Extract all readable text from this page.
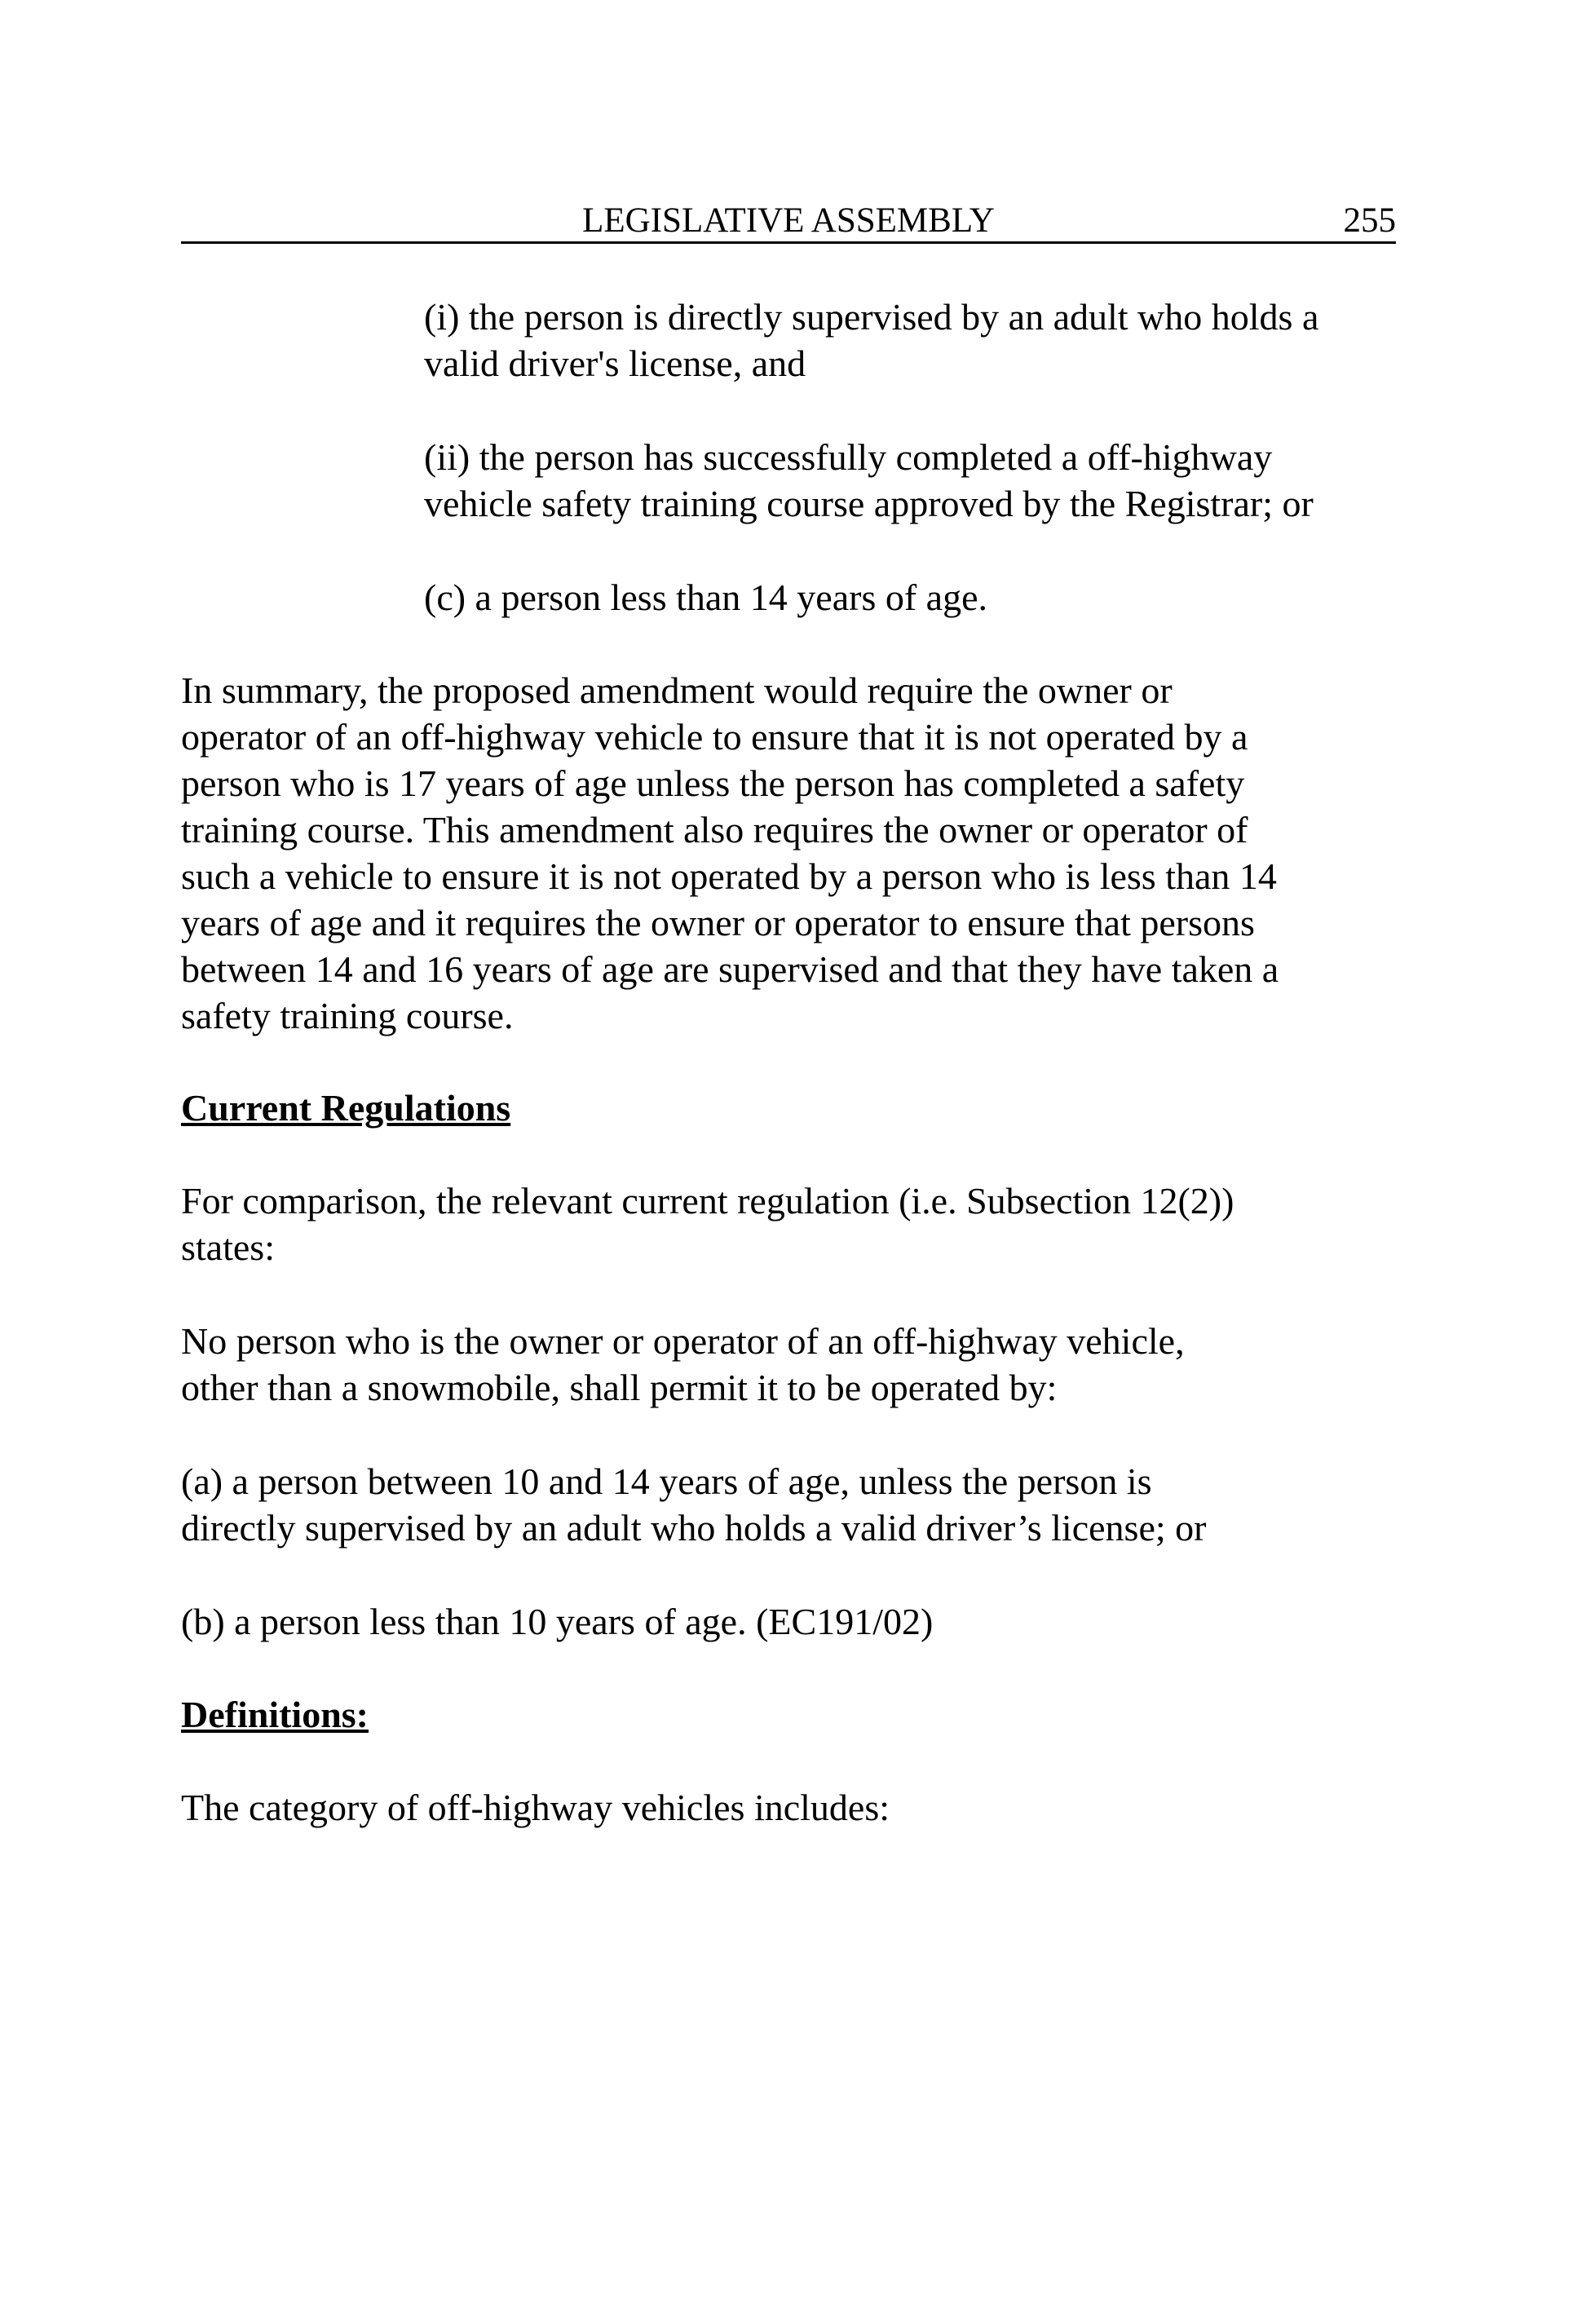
LEGISLATIVE ASSEMBLY	255
(i) the person is directly supervised by an adult who holds a
valid driver's license, and
(ii) the person has successfully completed a off-highway
vehicle safety training course approved by the Registrar; or
(c) a person less than 14 years of age.
In summary, the proposed amendment would require the owner or
operator of an off-highway vehicle to ensure that it is not operated by a
person who is 17 years of age unless the person has completed a safety
training course. This amendment also requires the owner or operator of
such a vehicle to ensure it is not operated by a person who is less than 14
years of age and it requires the owner or operator to ensure that persons
between 14 and 16 years of age are supervised and that they have taken a
safety training course.
Current Regulations
For comparison, the relevant current regulation (i.e. Subsection 12(2))
states:
No person who is the owner or operator of an off-highway vehicle,
other than a snowmobile, shall permit it to be operated by:
(a) a person between 10 and 14 years of age, unless the person is
directly supervised by an adult who holds a valid driver’s license; or
(b) a person less than 10 years of age. (EC191/02)
Definitions:
The category of off-highway vehicles includes:
